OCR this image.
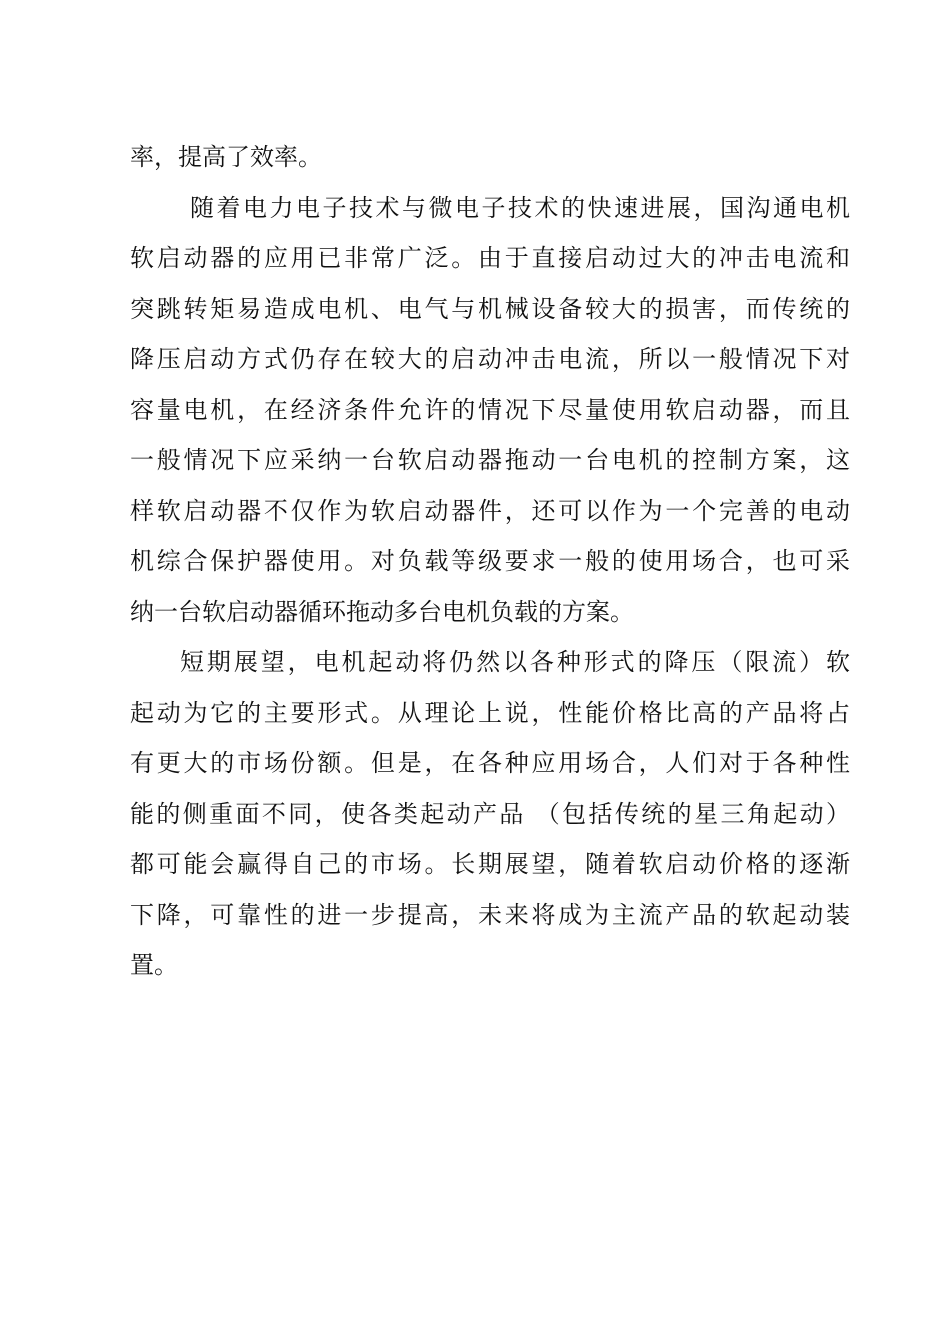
率，提高了效率。
随着电力电子技术与微电子技术的快速进展，国沟通电机
软启动器的应用已非常广泛。由于直接启动过大的冲击电流和
突跳转矩易造成电机、电气与机械设备较大的损害，而传统的
降压启动方式仍存在较大的启动冲击电流，所以一般情况下对
容量电机，在经济条件允许的情况下尽量使用软启动器，而且
一般情况下应采纳一台软启动器拖动一台电机的控制方案，这
样软启动器不仅作为软启动器件，还可以作为一个完善的电动
机综合保护器使用。对负载等级要求一般的使用场合，也可采
纳一台软启动器循环拖动多台电机负载的方案。
短期展望，电机起动将仍然以各种形式的降压（限流）软
起动为它的主要形式。从理论上说，性能价格比高的产品将占
有更大的市场份额。但是，在各种应用场合，人们对于各种性
能的侧重面不同，使各类起动产品 （包括传统的星三角起动）
都可能会赢得自己的市场。长期展望，随着软启动价格的逐渐
下降，可靠性的进一步提高，未来将成为主流产品的软起动装
置。
